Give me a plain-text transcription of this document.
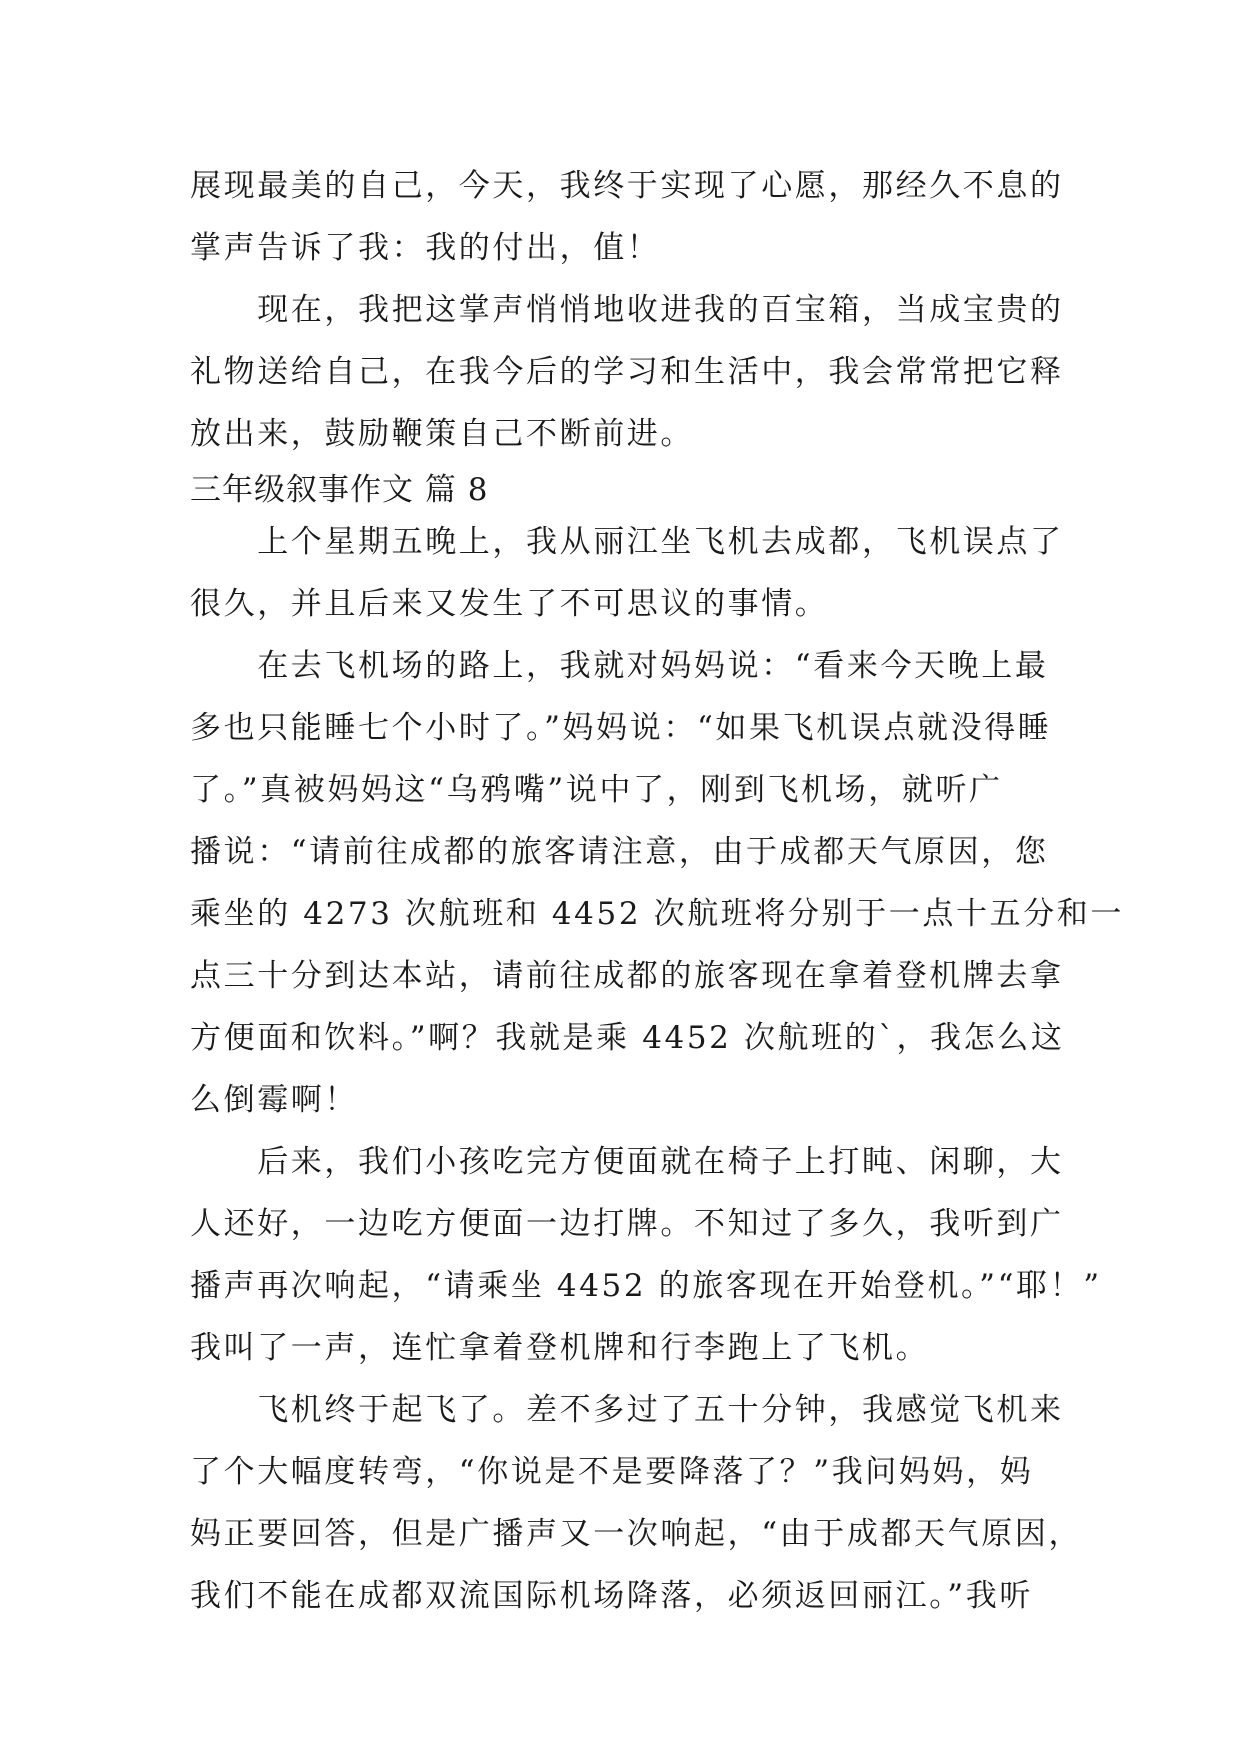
展现最美的自己，今天，我终于实现了心愿，那经久不息的
掌声告诉了我：我的付出，值！
　　现在，我把这掌声悄悄地收进我的百宝箱，当成宝贵的
礼物送给自己，在我今后的学习和生活中，我会常常把它释
放出来，鼓励鞭策自己不断前进。
三年级叙事作文 篇 8
　　上个星期五晚上，我从丽江坐飞机去成都，飞机误点了
很久，并且后来又发生了不可思议的事情。
　　在去飞机场的路上，我就对妈妈说：“看来今天晚上最
多也只能睡七个小时了。”妈妈说：“如果飞机误点就没得睡
了。”真被妈妈这“乌鸦嘴”说中了，刚到飞机场，就听广
播说：“请前往成都的旅客请注意，由于成都天气原因，您
乘坐的 4273 次航班和 4452 次航班将分别于一点十五分和一
点三十分到达本站，请前往成都的旅客现在拿着登机牌去拿
方便面和饮料。”啊？我就是乘 4452 次航班的`，我怎么这
么倒霉啊！
　　后来，我们小孩吃完方便面就在椅子上打盹、闲聊，大
人还好，一边吃方便面一边打牌。不知过了多久，我听到广
播声再次响起，“请乘坐 4452 的旅客现在开始登机。”“耶！”
我叫了一声，连忙拿着登机牌和行李跑上了飞机。
　　飞机终于起飞了。差不多过了五十分钟，我感觉飞机来
了个大幅度转弯，“你说是不是要降落了？”我问妈妈，妈
妈正要回答，但是广播声又一次响起，“由于成都天气原因，
我们不能在成都双流国际机场降落，必须返回丽江。”我听
